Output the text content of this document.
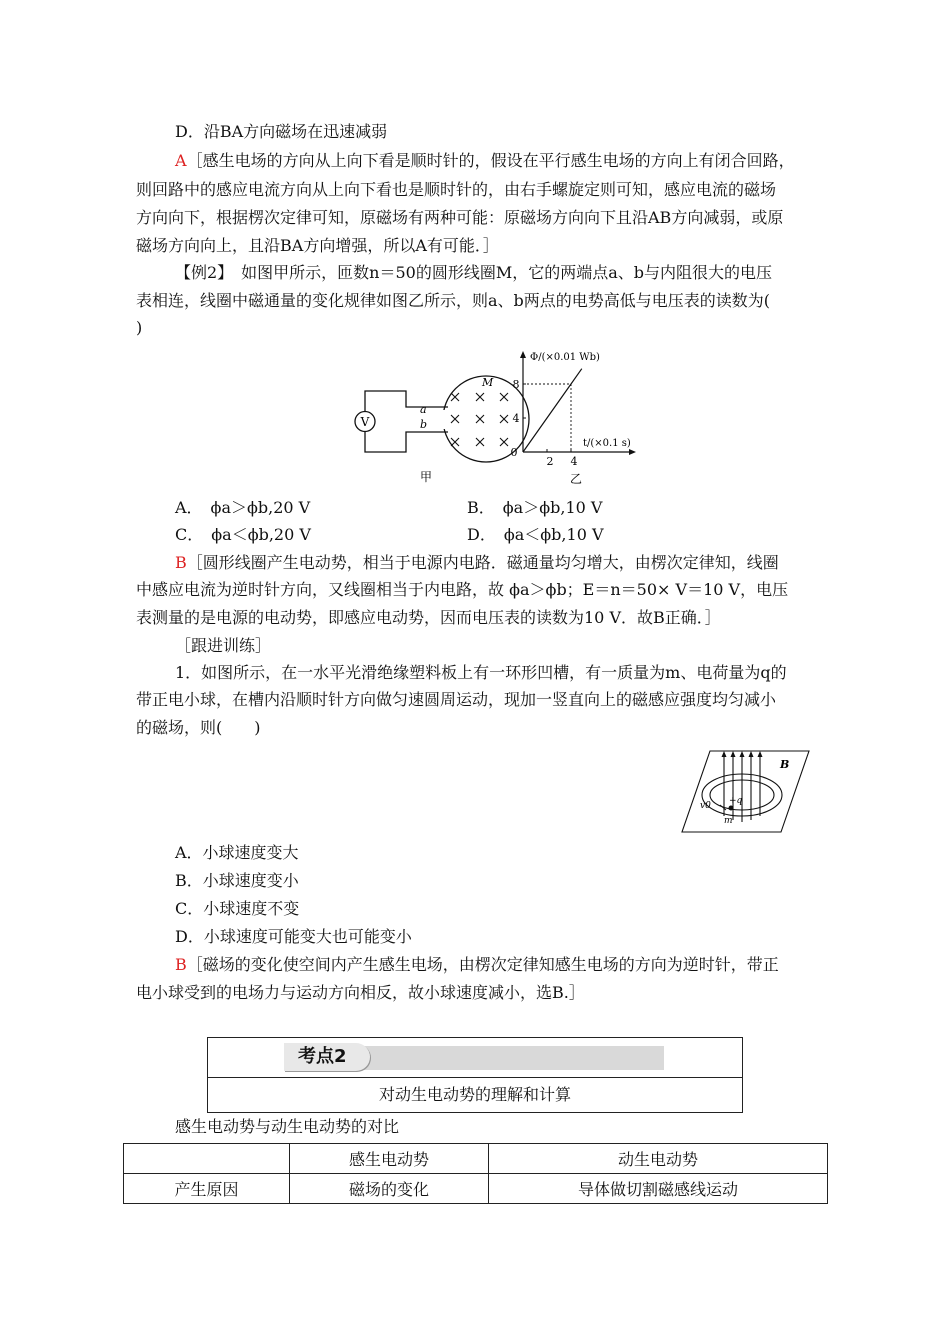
D．沿BA方向磁场在迅速减弱
A［感生电场的方向从上向下看是顺时针的，假设在平行感生电场的方向上有闭合回路，
则回路中的感应电流方向从上向下看也是顺时针的，由右手螺旋定则可知，感应电流的磁场
方向向下，根据楞次定律可知，原磁场有两种可能：原磁场方向向下且沿AB方向减弱，或原
磁场方向向上，且沿BA方向增强，所以A有可能．］
【例2】　如图甲所示，匝数n＝50的圆形线圈M，它的两端点a、b与内阻很大的电压
表相连，线圈中磁通量的变化规律如图乙所示，则a、b两点的电势高低与电压表的读数为(
)
V
M
a
b
甲	乙
Φ/(×0.01 Wb)
t/(×0.1 s)
0
2 4
4
8
A．　ϕa＞ϕb,20 V	B．　ϕa＞ϕb,10 V
C．　ϕa＜ϕb,20 V	D．　ϕa＜ϕb,10 V
B［圆形线圈产生电动势，相当于电源内电路．磁通量均匀增大，由楞次定律知，线圈
中感应电流为逆时针方向，又线圈相当于内电路，故 ϕa＞ϕb；E＝n＝50× V＝10 V，电压
表测量的是电源的电动势，即感应电动势，因而电压表的读数为10 V．故B正确．］
［跟进训练］
1．如图所示，在一水平光滑绝缘塑料板上有一环形凹槽，有一质量为m、电荷量为q的
带正电小球，在槽内沿顺时针方向做匀速圆周运动，现加一竖直向上的磁感应强度均匀减小
的磁场，则(　　)
B
v0 +q
m
A．小球速度变大
B．小球速度变小
C．小球速度不变
D．小球速度可能变大也可能变小
B［磁场的变化使空间内产生感生电场，由楞次定律知感生电场的方向为逆时针，带正
电小球受到的电场力与运动方向相反，故小球速度减小，选B.］
考点2
对动生电动势的理解和计算
感生电动势与动生电动势的对比
	感生电动势	动生电动势
产生原因	磁场的变化	导体做切割磁感线运动
